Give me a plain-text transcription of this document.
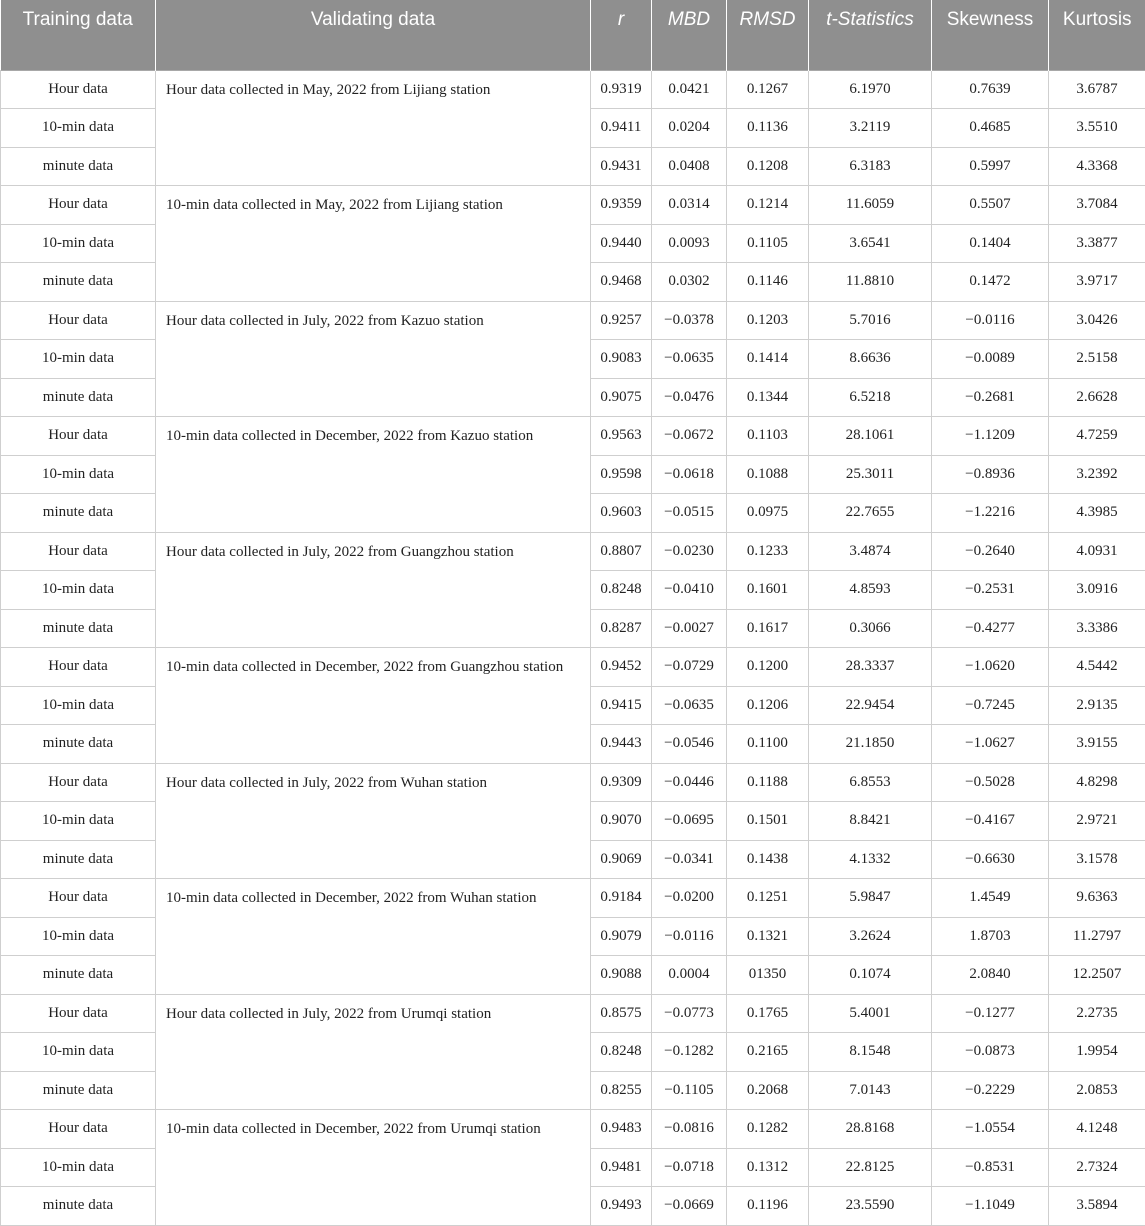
Training data	Validating data	r	MBD	RMSD	t-Statistics	Skewness	Kurtosis
Hour data	Hour data collected in May, 2022 from Lijiang station	0.9319	0.0421	0.1267	6.1970	0.7639	3.6787
10-min data		0.9411	0.0204	0.1136	3.2119	0.4685	3.5510
minute data		0.9431	0.0408	0.1208	6.3183	0.5997	4.3368
Hour data	10-min data collected in May, 2022 from Lijiang station	0.9359	0.0314	0.1214	11.6059	0.5507	3.7084
10-min data		0.9440	0.0093	0.1105	3.6541	0.1404	3.3877
minute data		0.9468	0.0302	0.1146	11.8810	0.1472	3.9717
Hour data	Hour data collected in July, 2022 from Kazuo station	0.9257	−0.0378	0.1203	5.7016	−0.0116	3.0426
10-min data		0.9083	−0.0635	0.1414	8.6636	−0.0089	2.5158
minute data		0.9075	−0.0476	0.1344	6.5218	−0.2681	2.6628
Hour data	10-min data collected in December, 2022 from Kazuo station	0.9563	−0.0672	0.1103	28.1061	−1.1209	4.7259
10-min data		0.9598	−0.0618	0.1088	25.3011	−0.8936	3.2392
minute data		0.9603	−0.0515	0.0975	22.7655	−1.2216	4.3985
Hour data	Hour data collected in July, 2022 from Guangzhou station	0.8807	−0.0230	0.1233	3.4874	−0.2640	4.0931
10-min data		0.8248	−0.0410	0.1601	4.8593	−0.2531	3.0916
minute data		0.8287	−0.0027	0.1617	0.3066	−0.4277	3.3386
Hour data	10-min data collected in December, 2022 from Guangzhou station	0.9452	−0.0729	0.1200	28.3337	−1.0620	4.5442
10-min data		0.9415	−0.0635	0.1206	22.9454	−0.7245	2.9135
minute data		0.9443	−0.0546	0.1100	21.1850	−1.0627	3.9155
Hour data	Hour data collected in July, 2022 from Wuhan station	0.9309	−0.0446	0.1188	6.8553	−0.5028	4.8298
10-min data		0.9070	−0.0695	0.1501	8.8421	−0.4167	2.9721
minute data		0.9069	−0.0341	0.1438	4.1332	−0.6630	3.1578
Hour data	10-min data collected in December, 2022 from Wuhan station	0.9184	−0.0200	0.1251	5.9847	1.4549	9.6363
10-min data		0.9079	−0.0116	0.1321	3.2624	1.8703	11.2797
minute data		0.9088	0.0004	01350	0.1074	2.0840	12.2507
Hour data	Hour data collected in July, 2022 from Urumqi station	0.8575	−0.0773	0.1765	5.4001	−0.1277	2.2735
10-min data		0.8248	−0.1282	0.2165	8.1548	−0.0873	1.9954
minute data		0.8255	−0.1105	0.2068	7.0143	−0.2229	2.0853
Hour data	10-min data collected in December, 2022 from Urumqi station	0.9483	−0.0816	0.1282	28.8168	−1.0554	4.1248
10-min data		0.9481	−0.0718	0.1312	22.8125	−0.8531	2.7324
minute data		0.9493	−0.0669	0.1196	23.5590	−1.1049	3.5894
